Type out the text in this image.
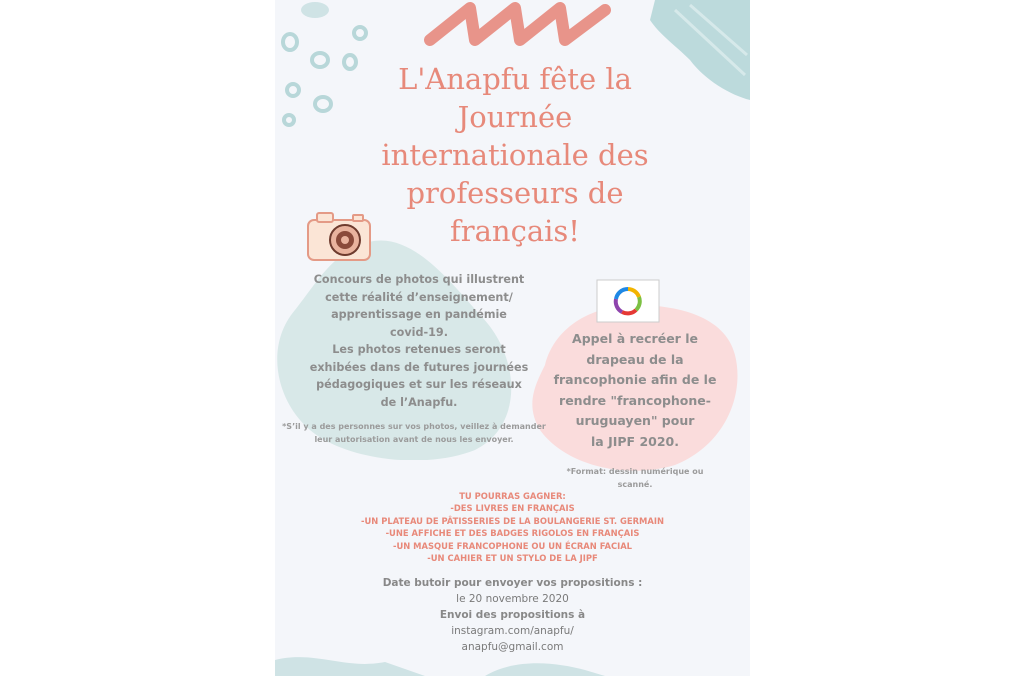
L'Anapfu fête la
Journée
internationale des
professeurs de
français!
Concours de photos qui illustrent
cette réalité d’enseignement/
apprentissage en pandémie
covid-19.
Les photos retenues seront
exhibées dans de futures journées
pédagogiques et sur les réseaux
de l’Anapfu.
*S’il y a des personnes sur vos photos, veillez à demander leur autorisation avant de nous les envoyer.
Appel à recréer le
drapeau de la
francophonie afin de le
rendre "francophone-
uruguayen" pour
la JIPF 2020.
*Format: dessin numérique ou scanné.
TU POURRAS GAGNER:
-DES LIVRES EN FRANÇAIS
-UN PLATEAU DE PÂTISSERIES DE LA BOULANGERIE ST. GERMAIN
-UNE AFFICHE ET DES BADGES RIGOLOS EN FRANÇAIS
-UN MASQUE FRANCOPHONE OU UN ÉCRAN FACIAL
-UN CAHIER ET UN STYLO DE LA JIPF
Date butoir pour envoyer vos propositions :
le 20 novembre 2020
Envoi des propositions à
instagram.com/anapfu/
anapfu@gmail.com
